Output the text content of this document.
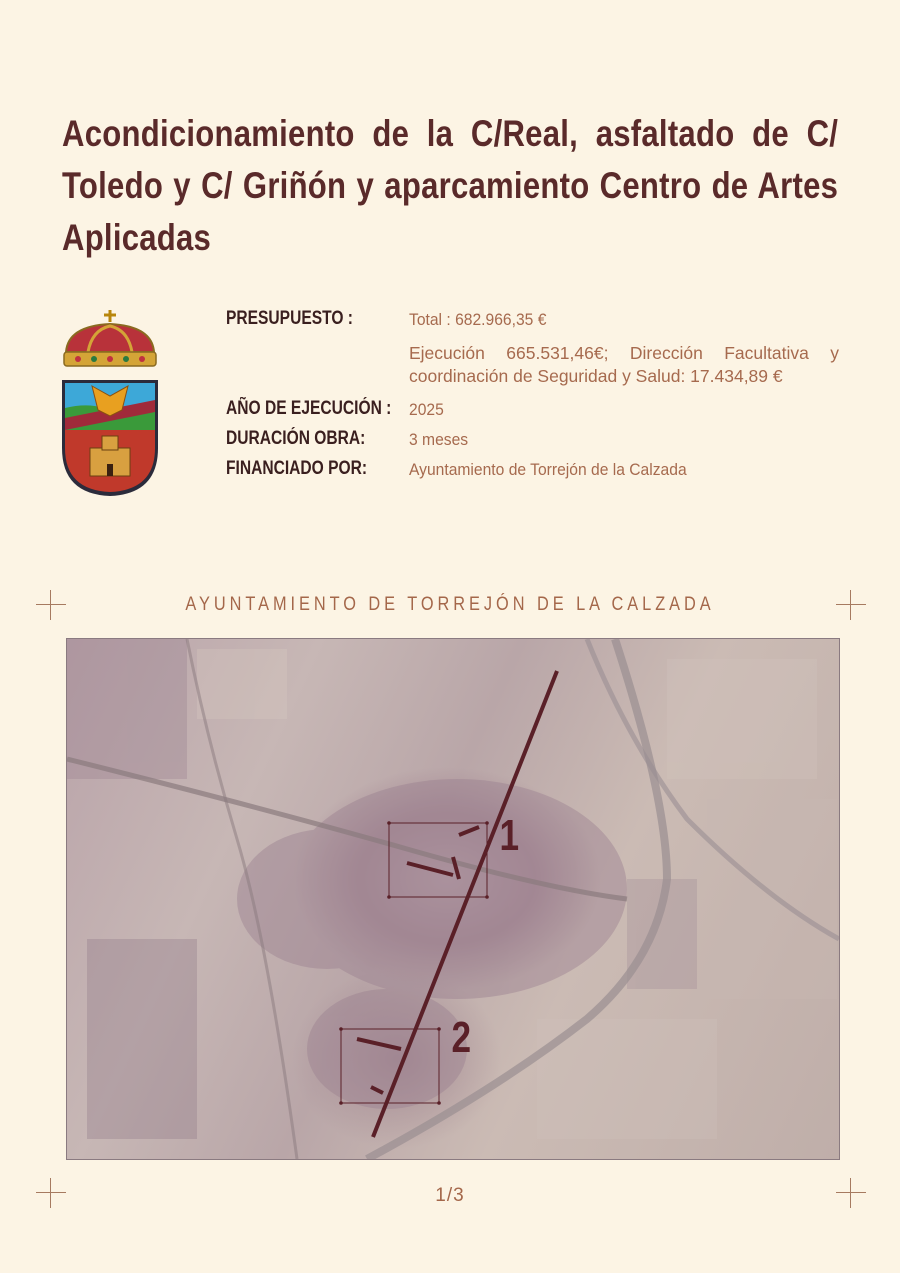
Acondicionamiento de la C/Real, asfaltado de C/ Toledo y C/ Griñón y aparcamiento Centro de Artes Aplicadas
PRESUPUESTO :	Total : 682.966,35 €
Ejecución 665.531,46€; Dirección Facultativa y coordinación de Seguridad y Salud: 17.434,89 €
AÑO DE EJECUCIÓN : 2025
DURACIÓN OBRA:	3 meses
FINANCIADO POR: Ayuntamiento de Torrejón de la Calzada
AYUNTAMIENTO DE TORREJÓN DE LA CALZADA
1
2
1/3
